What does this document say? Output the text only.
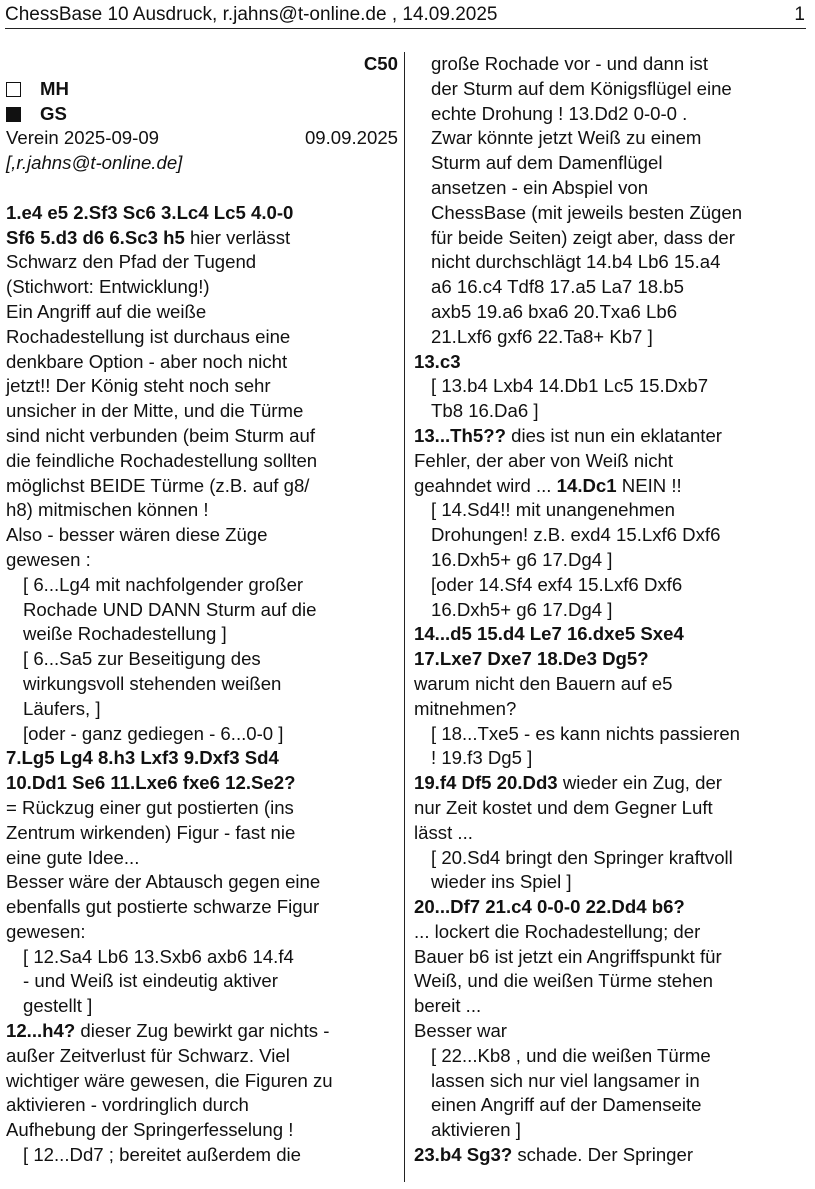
ChessBase 10 Ausdruck, r.jahns@t-online.de , 14.09.2025	1
C50
MH
GS
Verein 2025-09-09	09.09.2025
[,r.jahns@t-online.de]
1.e4 e5 2.Sf3 Sc6 3.Lc4 Lc5 4.0-0
Sf6 5.d3 d6 6.Sc3 h5 hier verlässt
Schwarz den Pfad der Tugend
(Stichwort: Entwicklung!)
Ein Angriff auf die weiße
Rochadestellung ist durchaus eine
denkbare Option - aber noch nicht
jetzt!! Der König steht noch sehr
unsicher in der Mitte, und die Türme
sind nicht verbunden (beim Sturm auf
die feindliche Rochadestellung sollten
möglichst BEIDE Türme (z.B. auf g8/
h8) mitmischen können !
Also - besser wären diese Züge
gewesen :
[ 6...Lg4 mit nachfolgender großer
Rochade UND DANN Sturm auf die
weiße Rochadestellung ]
[ 6...Sa5 zur Beseitigung des
wirkungsvoll stehenden weißen
Läufers, ]
[oder - ganz gediegen - 6...0-0 ]
7.Lg5 Lg4 8.h3 Lxf3 9.Dxf3 Sd4
10.Dd1 Se6 11.Lxe6 fxe6 12.Se2?
= Rückzug einer gut postierten (ins
Zentrum wirkenden) Figur - fast nie
eine gute Idee...
Besser wäre der Abtausch gegen eine
ebenfalls gut postierte schwarze Figur
gewesen:
[ 12.Sa4 Lb6 13.Sxb6 axb6 14.f4
- und Weiß ist eindeutig aktiver
gestellt ]
12...h4? dieser Zug bewirkt gar nichts -
außer Zeitverlust für Schwarz. Viel
wichtiger wäre gewesen, die Figuren zu
aktivieren - vordringlich durch
Aufhebung der Springerfesselung !
[ 12...Dd7 ; bereitet außerdem die
große Rochade vor - und dann ist
der Sturm auf dem Königsflügel eine
echte Drohung ! 13.Dd2 0-0-0 .
Zwar könnte jetzt Weiß zu einem
Sturm auf dem Damenflügel
ansetzen - ein Abspiel von
ChessBase (mit jeweils besten Zügen
für beide Seiten) zeigt aber, dass der
nicht durchschlägt 14.b4 Lb6 15.a4
a6 16.c4 Tdf8 17.a5 La7 18.b5
axb5 19.a6 bxa6 20.Txa6 Lb6
21.Lxf6 gxf6 22.Ta8+ Kb7 ]
13.c3
[ 13.b4 Lxb4 14.Db1 Lc5 15.Dxb7
Tb8 16.Da6 ]
13...Th5?? dies ist nun ein eklatanter
Fehler, der aber von Weiß nicht
geahndet wird ... 14.Dc1 NEIN !!
[ 14.Sd4!! mit unangenehmen
Drohungen! z.B. exd4 15.Lxf6 Dxf6
16.Dxh5+ g6 17.Dg4 ]
[oder 14.Sf4 exf4 15.Lxf6 Dxf6
16.Dxh5+ g6 17.Dg4 ]
14...d5 15.d4 Le7 16.dxe5 Sxe4
17.Lxe7 Dxe7 18.De3 Dg5?
warum nicht den Bauern auf e5
mitnehmen?
[ 18...Txe5 - es kann nichts passieren
! 19.f3 Dg5 ]
19.f4 Df5 20.Dd3 wieder ein Zug, der
nur Zeit kostet und dem Gegner Luft
lässt ...
[ 20.Sd4 bringt den Springer kraftvoll
wieder ins Spiel ]
20...Df7 21.c4 0-0-0 22.Dd4 b6?
... lockert die Rochadestellung; der
Bauer b6 ist jetzt ein Angriffspunkt für
Weiß, und die weißen Türme stehen
bereit ...
Besser war
[ 22...Kb8 , und die weißen Türme
lassen sich nur viel langsamer in
einen Angriff auf der Damenseite
aktivieren ]
23.b4 Sg3? schade. Der Springer
